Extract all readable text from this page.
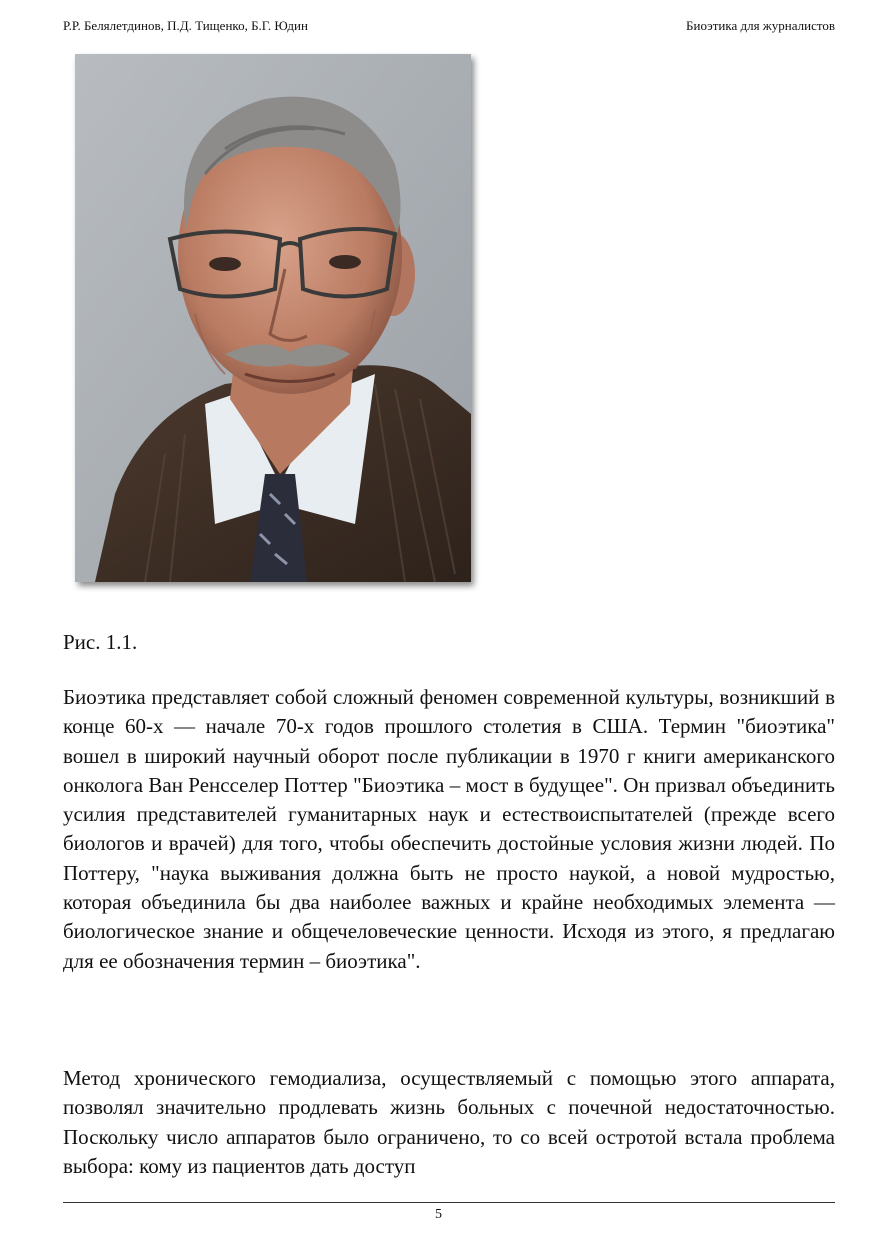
Р.Р. Белялетдинов, П.Д. Тищенко, Б.Г. Юдин	Биоэтика для журналистов
Рис. 1.1.

Биоэтика представляет собой сложный феномен современной культуры, возникший в конце 60-х — начале 70-х годов прошлого столетия в США. Термин "биоэтика" вошел в широкий научный оборот после публикации в 1970 г книги американского онколога Ван Ренсселер Поттер "Биоэтика – мост в будущее". Он призвал объединить усилия представителей гуманитарных наук и естествоиспытателей (прежде всего биологов и врачей) для того, чтобы обеспечить достойные условия жизни людей. По Поттеру, "наука выживания должна быть не просто наукой, а новой мудростью, которая объединила бы два наиболее важных и крайне необходимых элемента — биологическое знание и общечеловеческие ценности. Исходя из этого, я предлагаю для ее обозначения термин – биоэтика".

Метод хронического гемодиализа, осуществляемый с помощью этого аппарата, позволял значительно продлевать жизнь больных с почечной недостаточностью. Поскольку число аппаратов было ограничено, то со всей остротой встала проблема выбора: кому из пациентов дать доступ

5
